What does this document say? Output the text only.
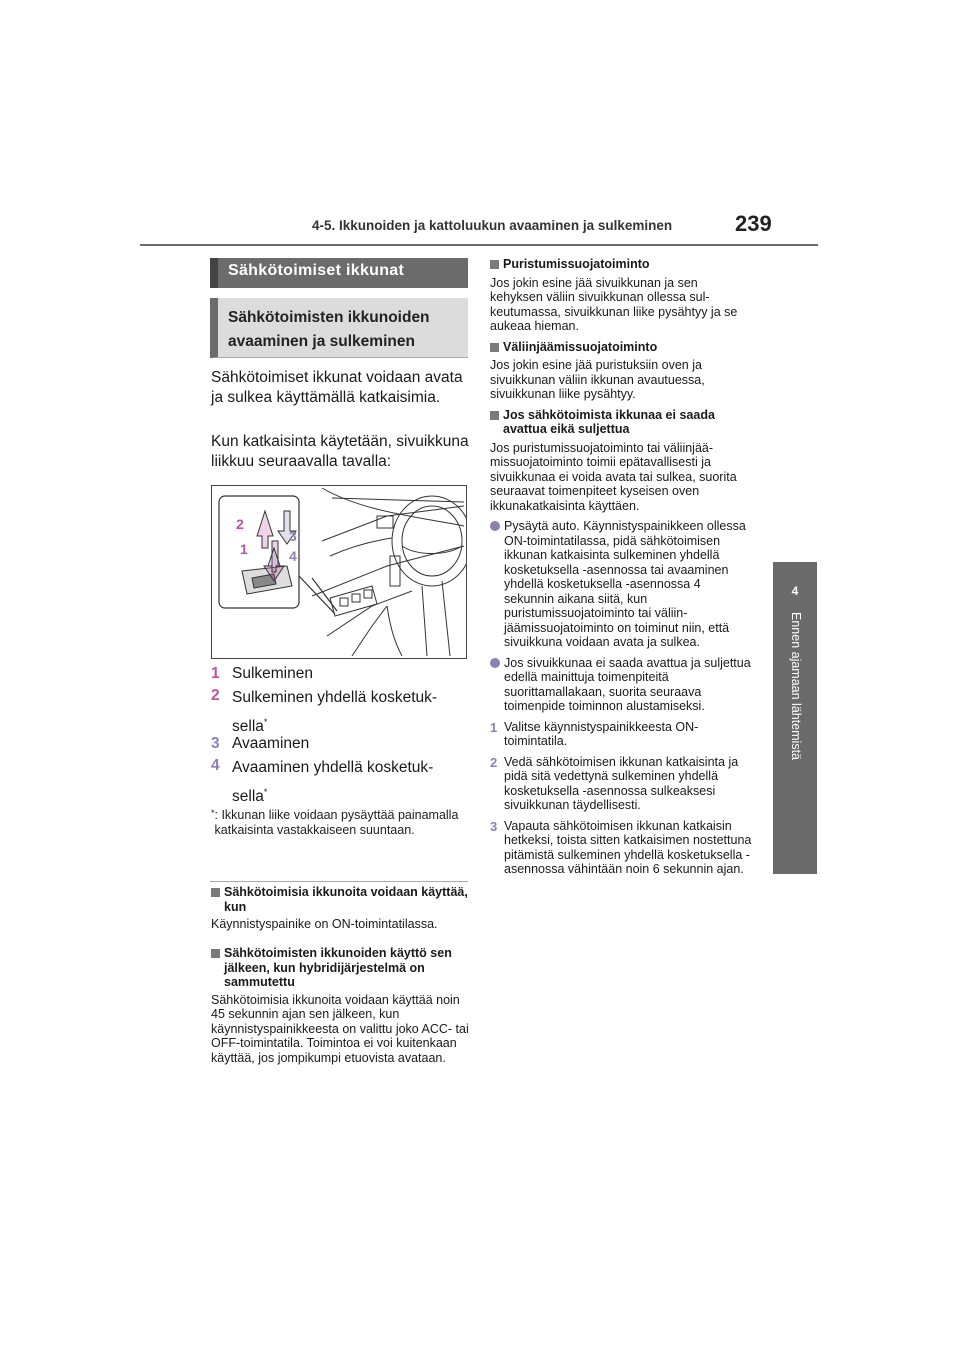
4-5. Ikkunoiden ja kattoluukun avaaminen ja sulkeminen	239
4
Ennen ajamaan lähtemistä
Sähkötoimiset ikkunat
Sähkötoimisten ikkunoiden avaaminen ja sulkeminen
Sähkötoimiset ikkunat voidaan avata ja sulkea käyttämällä katkaisimia.
Kun katkaisinta käytetään, sivuikkuna liikkuu seuraavalla tavalla:
2
1
3
4
1 Sulkeminen
2 Sulkeminen yhdellä kosketuksella*
3 Avaaminen
4 Avaaminen yhdellä kosketuksella*
* : Ikkunan liike voidaan pysäyttää painamalla katkaisinta vastakkaiseen suuntaan.
Sähkötoimisia ikkunoita voidaan käyttää, kun
Käynnistyspainike on ON-toimintatilassa.
Sähkötoimisten ikkunoiden käyttö sen jälkeen, kun hybridijärjestelmä on sammutettu
Sähkötoimisia ikkunoita voidaan käyttää noin 45 sekunnin ajan sen jälkeen, kun käynnistyspainikkeesta on valittu joko ACC- tai OFF-toimintatila. Toimintoa ei voi kuitenkaan käyttää, jos jompikumpi etuovista avataan.
Puristumissuojatoiminto
Jos jokin esine jää sivuikkunan ja sen kehyksen väliin sivuikkunan ollessa sulkeutumassa, sivuikkunan liike pysähtyy ja se aukeaa hieman.
Väliinjäämissuojatoiminto
Jos jokin esine jää puristuksiin oven ja sivuikkunan väliin ikkunan avautuessa, sivuikkunan liike pysähtyy.
Jos sähkötoimista ikkunaa ei saada avattua eikä suljettua
Jos puristumissuojatoiminto tai väliinjäämissuojatoiminto toimii epätavallisesti ja sivuikkunaa ei voida avata tai sulkea, suorita seuraavat toimenpiteet kyseisen oven ikkunakatkaisinta käyttäen.
Pysäytä auto. Käynnistyspainikkeen ollessa ON-toimintatilassa, pidä sähkötoimisen ikkunan katkaisinta sulkeminen yhdellä kosketuksella -asennossa tai avaaminen yhdellä kosketuksella -asennossa 4 sekunnin aikana siitä, kun puristumissuojatoiminto tai väliinjäämissuojatoiminto on toiminut niin, että sivuikkuna voidaan avata ja sulkea.
Jos sivuikkunaa ei saada avattua ja suljettua edellä mainittuja toimenpiteitä suorittamallakaan, suorita seuraava toimenpide toiminnon alustamiseksi.
1 Valitse käynnistyspainikkeesta ON-toimintatila.
2 Vedä sähkötoimisen ikkunan katkaisinta ja pidä sitä vedettynä sulkeminen yhdellä kosketuksella -asennossa sulkeaksesi sivuikkunan täydellisesti.
3 Vapauta sähkötoimisen ikkunan katkaisin hetkeksi, toista sitten katkaisimen nostettuna pitämistä sulkeminen yhdellä kosketuksella -asennossa vähintään noin 6 sekunnin ajan.
